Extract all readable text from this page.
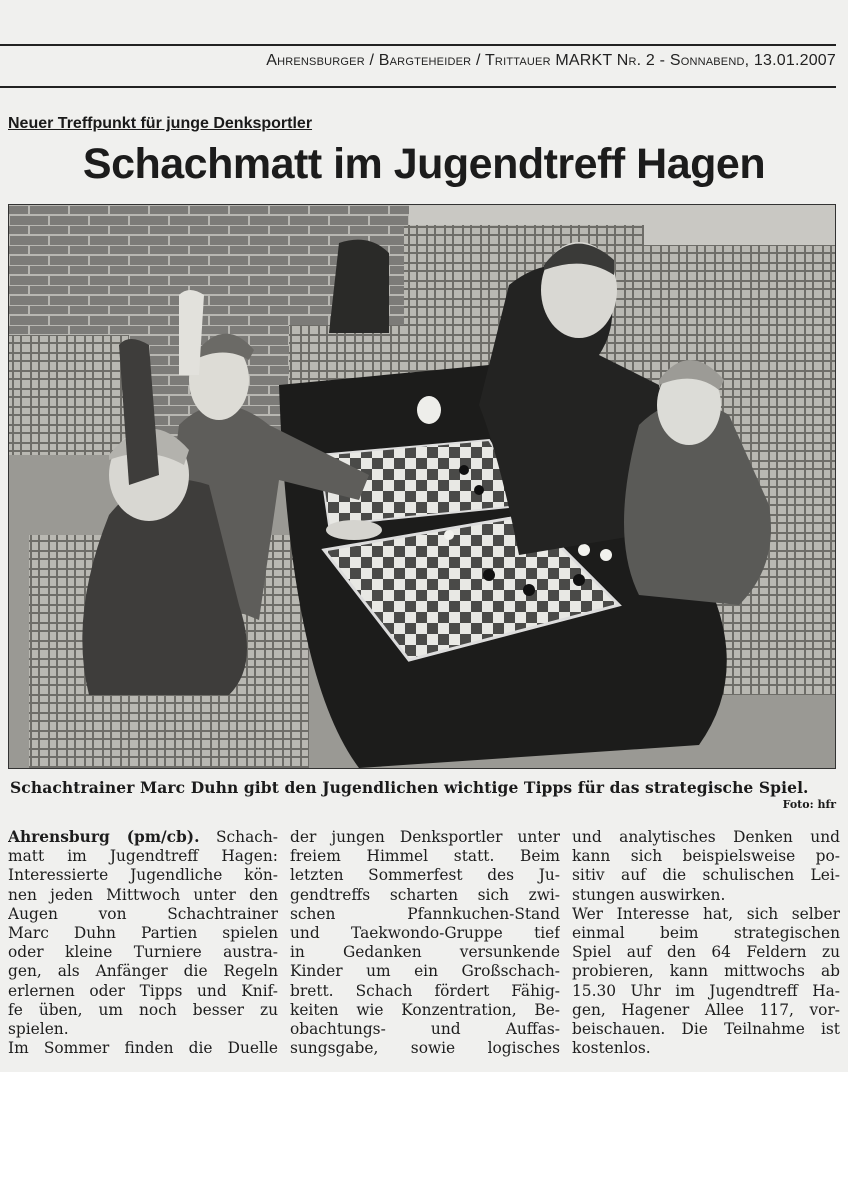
Ahrensburger / Bargteheider / Trittauer MARKT Nr. 2 - Sonnabend, 13.01.2007
Neuer Treffpunkt für junge Denksportler
Schachmatt im Jugendtreff Hagen
Schachtrainer Marc Duhn gibt den Jugendlichen wichtige Tipps für das strategische Spiel.
Foto: hfr
Ahrensburg (pm/cb). Schach-
matt im Jugendtreff Hagen:
Interessierte Jugendliche kön-
nen jeden Mittwoch unter den
Augen von Schachtrainer
Marc Duhn Partien spielen
oder kleine Turniere austra-
gen, als Anfänger die Regeln
erlernen oder Tipps und Knif-
fe üben, um noch besser zu
spielen.
Im Sommer finden die Duelle
der jungen Denksportler unter
freiem Himmel statt. Beim
letzten Sommerfest des Ju-
gendtreffs scharten sich zwi-
schen Pfannkuchen-Stand
und Taekwondo-Gruppe tief
in Gedanken versunkende
Kinder um ein Großschach-
brett. Schach fördert Fähig-
keiten wie Konzentration, Be-
obachtungs- und Auffas-
sungsgabe, sowie logisches
und analytisches Denken und
kann sich beispielsweise po-
sitiv auf die schulischen Lei-
stungen auswirken.
Wer Interesse hat, sich selber
einmal beim strategischen
Spiel auf den 64 Feldern zu
probieren, kann mittwochs ab
15.30 Uhr im Jugendtreff Ha-
gen, Hagener Allee 117, vor-
beischauen. Die Teilnahme ist
kostenlos.
